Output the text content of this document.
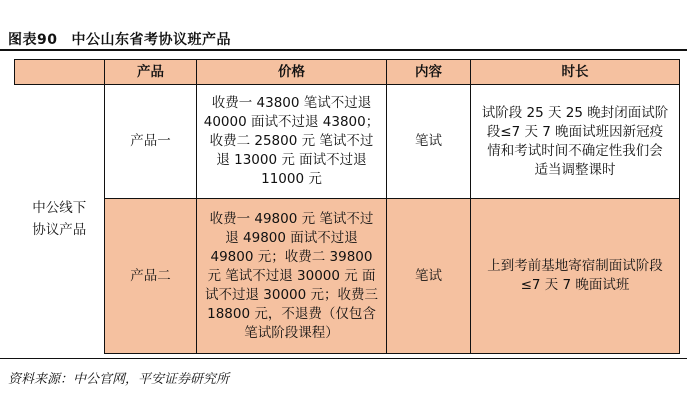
图表90 中公山东省考协议班产品
	产品	价格	内容	时长
中公线下
协议产品	产品一	收费一 43800 笔试不过退 40000 面试不过退 43800；收费二 25800 元 笔试不过退 13000 元 面试不过退 11000 元	笔试	试阶段 25 天 25 晚封闭面试阶段≤7 天 7 晚面试班因新冠疫情和考试时间不确定性我们会适当调整课时
	产品二	收费一 49800 元 笔试不过退 49800 面试不过退 49800 元；收费二 39800 元 笔试不过退 30000 元 面试不过退 30000 元；收费三 18800 元，不退费（仅包含笔试阶段课程）	笔试	上到考前基地寄宿制面试阶段≤7 天 7 晚面试班
资料来源：中公官网，平安证券研究所
